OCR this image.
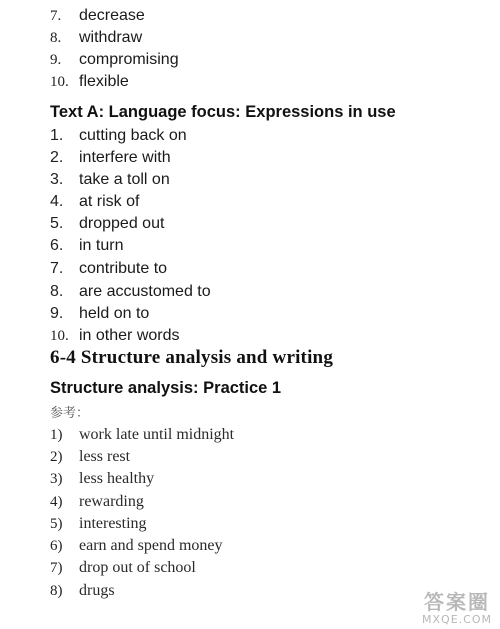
7. decrease
8. withdraw
9. compromising
10. flexible
Text A: Language focus: Expressions in use
1. cutting back on
2. interfere with
3. take a toll on
4. at risk of
5. dropped out
6. in turn
7. contribute to
8. are accustomed to
9. held on to
10. in other words
6-4 Structure analysis and writing
Structure analysis: Practice 1
参考：
1) work late until midnight
2) less rest
3) less healthy
4) rewarding
5) interesting
6) earn and spend money
7) drop out of school
8) drugs	答案圈
MXQE.COM
